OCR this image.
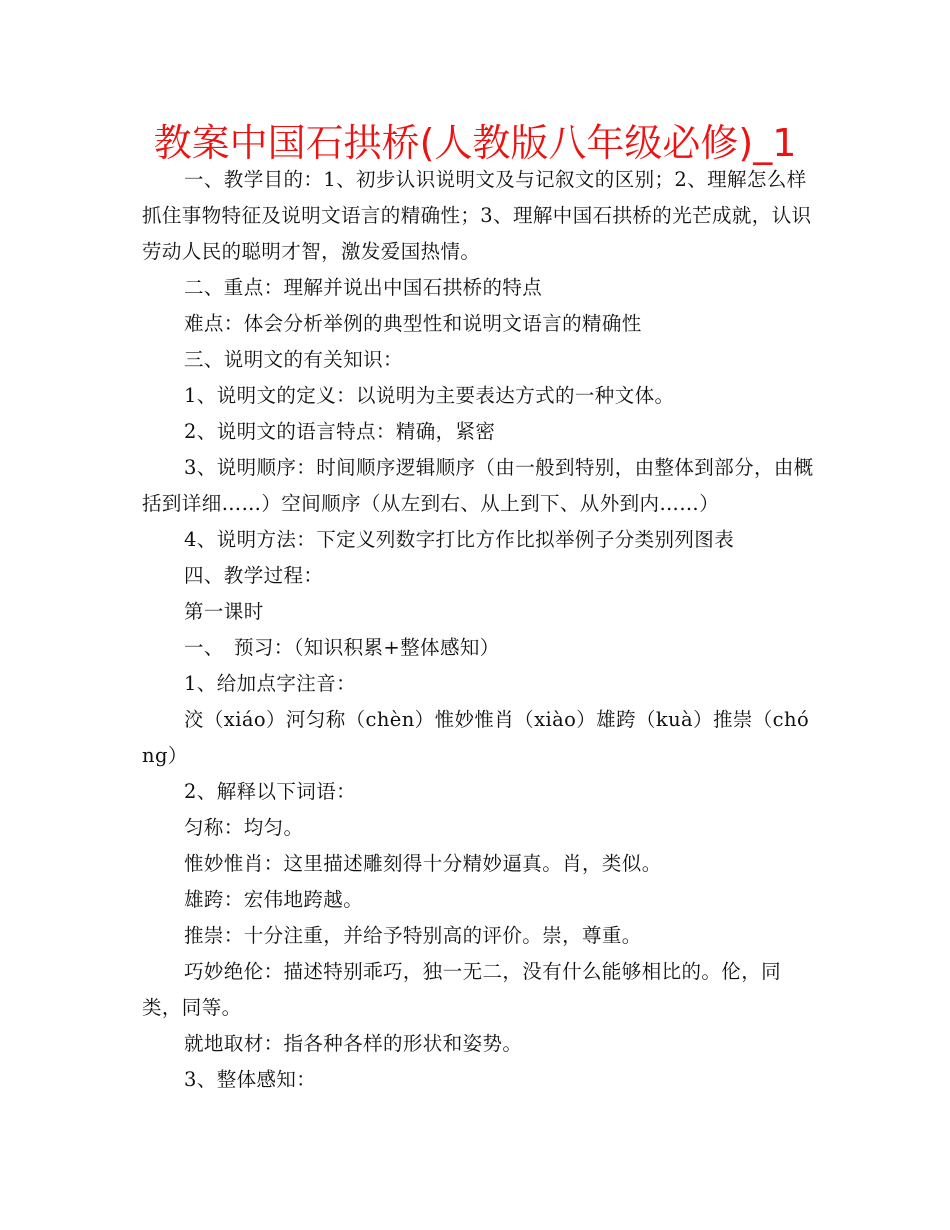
教案中国石拱桥(人教版八年级必修)_1

一、教学目的：1、初步认识说明文及与记叙文的区别；2、理解怎么样抓住事物特征及说明文语言的精确性；3、理解中国石拱桥的光芒成就，认识劳动人民的聪明才智，激发爱国热情。

二、重点：理解并说出中国石拱桥的特点

难点：体会分析举例的典型性和说明文语言的精确性

三、说明文的有关知识：

1、说明文的定义：以说明为主要表达方式的一种文体。

2、说明文的语言特点：精确，紧密

3、说明顺序：时间顺序逻辑顺序（由一般到特别，由整体到部分，由概括到详细……）空间顺序（从左到右、从上到下、从外到内……）

4、说明方法：下定义列数字打比方作比拟举例子分类别列图表

四、教学过程：

第一课时

一、　预习：（知识积累+整体感知）

1、给加点字注音：

洨（xiáo）河匀称（chèn）惟妙惟肖（xiào）雄跨（kuà）推崇（chóng）

2、解释以下词语：

匀称：均匀。

惟妙惟肖：这里描述雕刻得十分精妙逼真。肖，类似。

雄跨：宏伟地跨越。

推崇：十分注重，并给予特别高的评价。崇，尊重。

巧妙绝伦：描述特别乖巧，独一无二，没有什么能够相比的。伦，同类，同等。

就地取材：指各种各样的形状和姿势。

3、整体感知：
